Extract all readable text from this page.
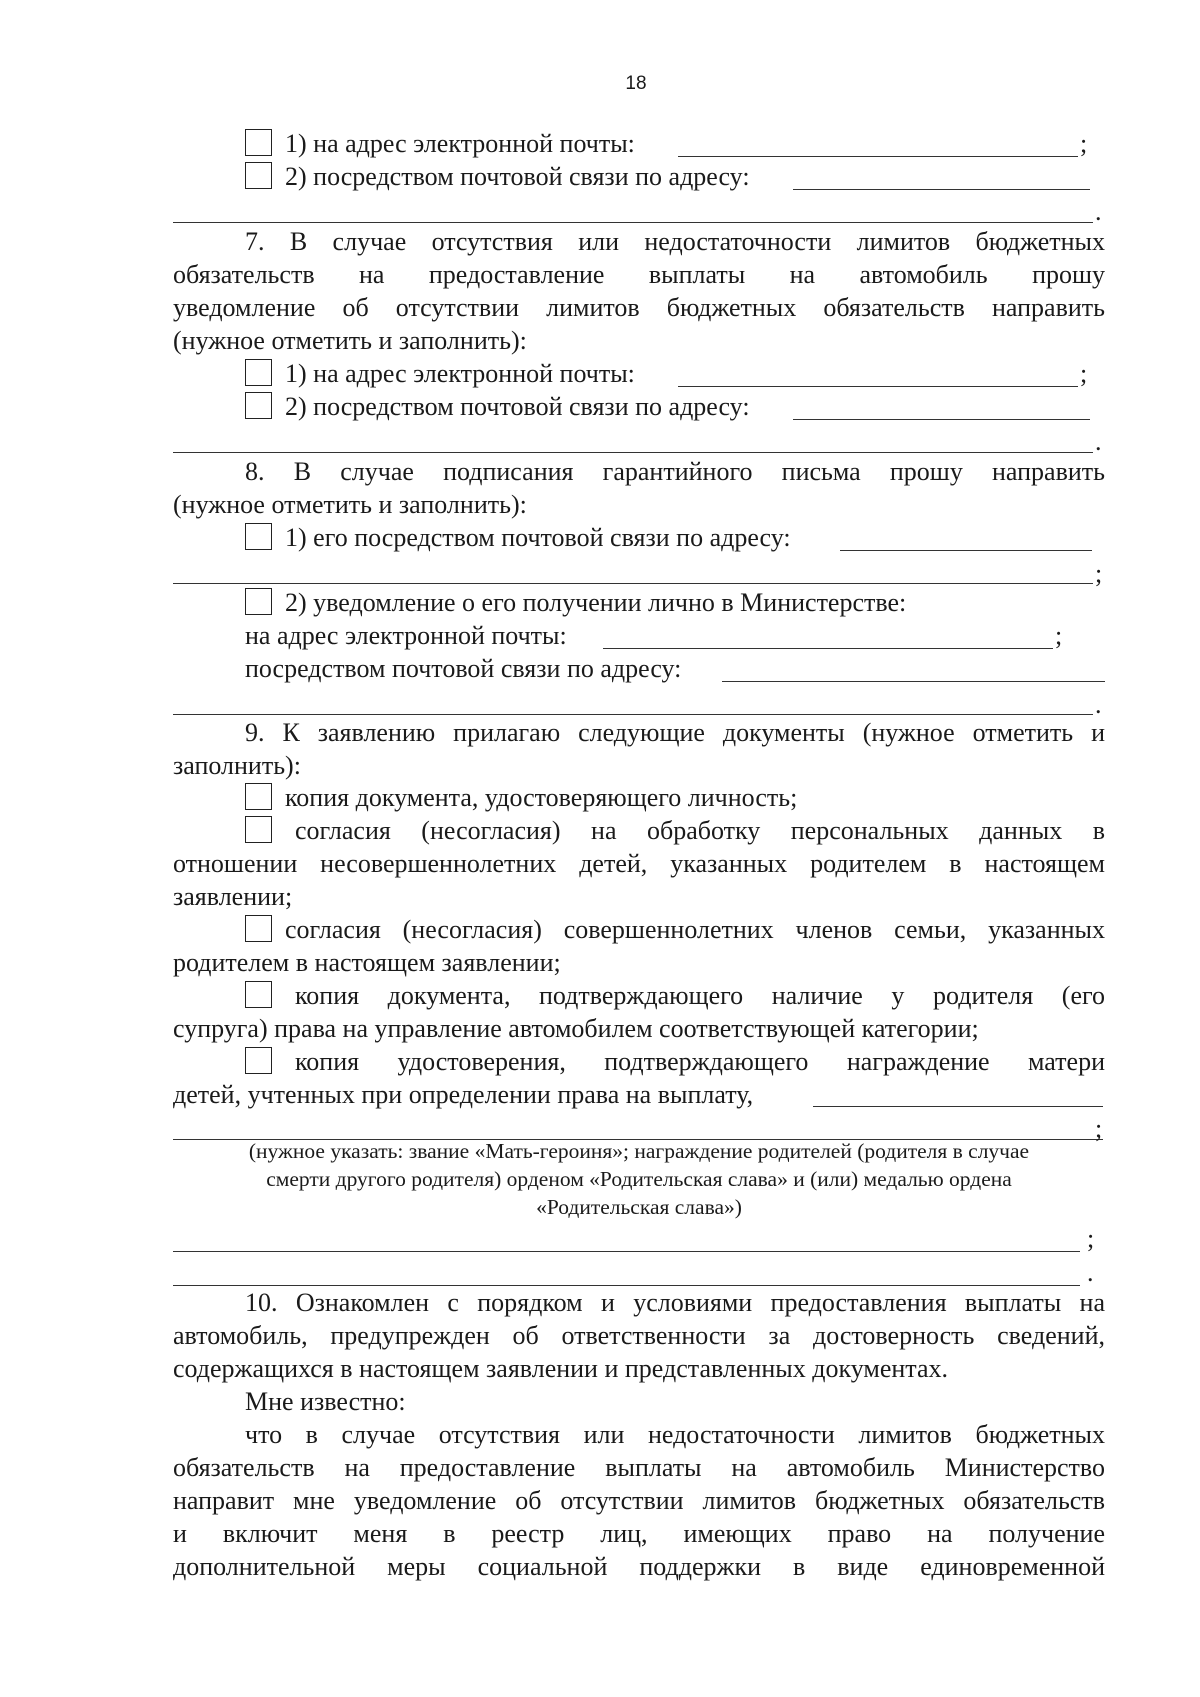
18
1) на адрес электронной почты:	;
2) посредством почтовой связи по адресу:
.
7. В случае отсутствия или недостаточности лимитов бюджетных
обязательств на предоставление выплаты на автомобиль прошу
уведомление об отсутствии лимитов бюджетных обязательств направить
(нужное отметить и заполнить):
1) на адрес электронной почты:	;
2) посредством почтовой связи по адресу:
.
8. В случае подписания гарантийного письма прошу направить
(нужное отметить и заполнить):
1) его посредством почтовой связи по адресу:
;
2) уведомление о его получении лично в Министерстве:
на адрес электронной почты:	;
посредством почтовой связи по адресу:
.
9. К заявлению прилагаю следующие документы (нужное отметить и
заполнить):
копия документа, удостоверяющего личность;
согласия (несогласия) на обработку персональных данных в
отношении несовершеннолетних детей, указанных родителем в настоящем
заявлении;
согласия (несогласия) совершеннолетних членов семьи, указанных
родителем в настоящем заявлении;
копия документа, подтверждающего наличие у родителя (его
супруга) права на управление автомобилем соответствующей категории;
копия удостоверения, подтверждающего награждение матери
детей, учтенных при определении права на выплату,
;
(нужное указать: звание «Мать-героиня»; награждение родителей (родителя в случае
смерти другого родителя) орденом «Родительская слава» и (или) медалью ордена
«Родительская слава»)
;
.
10. Ознакомлен с порядком и условиями предоставления выплаты на
автомобиль, предупрежден об ответственности за достоверность сведений,
содержащихся в настоящем заявлении и представленных документах.
Мне известно:
что в случае отсутствия или недостаточности лимитов бюджетных
обязательств на предоставление выплаты на автомобиль Министерство
направит мне уведомление об отсутствии лимитов бюджетных обязательств
и включит меня в реестр лиц, имеющих право на получение
дополнительной меры социальной поддержки в виде единовременной
